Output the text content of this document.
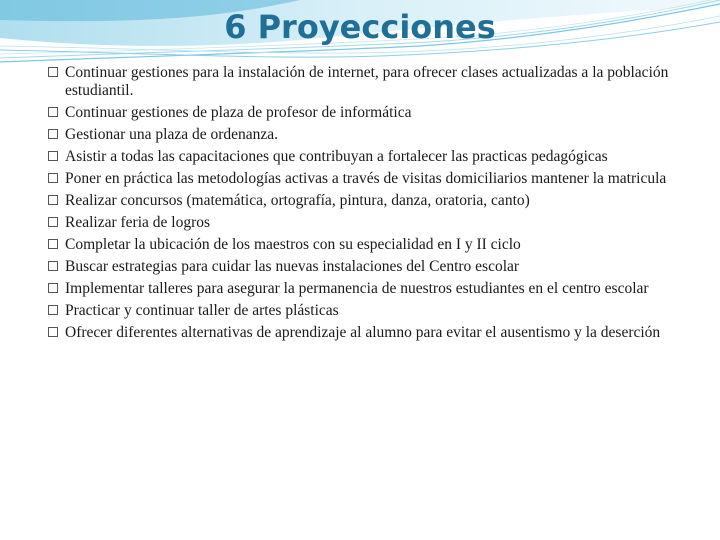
6 Proyecciones
Continuar gestiones para la instalación de internet, para ofrecer clases actualizadas a la población estudiantil.
Continuar gestiones de plaza de profesor de informática
Gestionar una plaza de ordenanza.
Asistir a todas las capacitaciones que contribuyan a fortalecer las practicas pedagógicas
Poner en práctica las metodologías activas a través de visitas domiciliarios mantener la matricula
Realizar concursos (matemática, ortografía, pintura, danza, oratoria, canto)
Realizar feria de logros
Completar la ubicación de los maestros con su especialidad en I y II ciclo
Buscar estrategias para cuidar las nuevas instalaciones del Centro escolar
Implementar talleres para asegurar la permanencia de nuestros estudiantes en el centro escolar
Practicar y continuar taller de artes plásticas
Ofrecer diferentes alternativas de aprendizaje al alumno para evitar el ausentismo y la deserción
